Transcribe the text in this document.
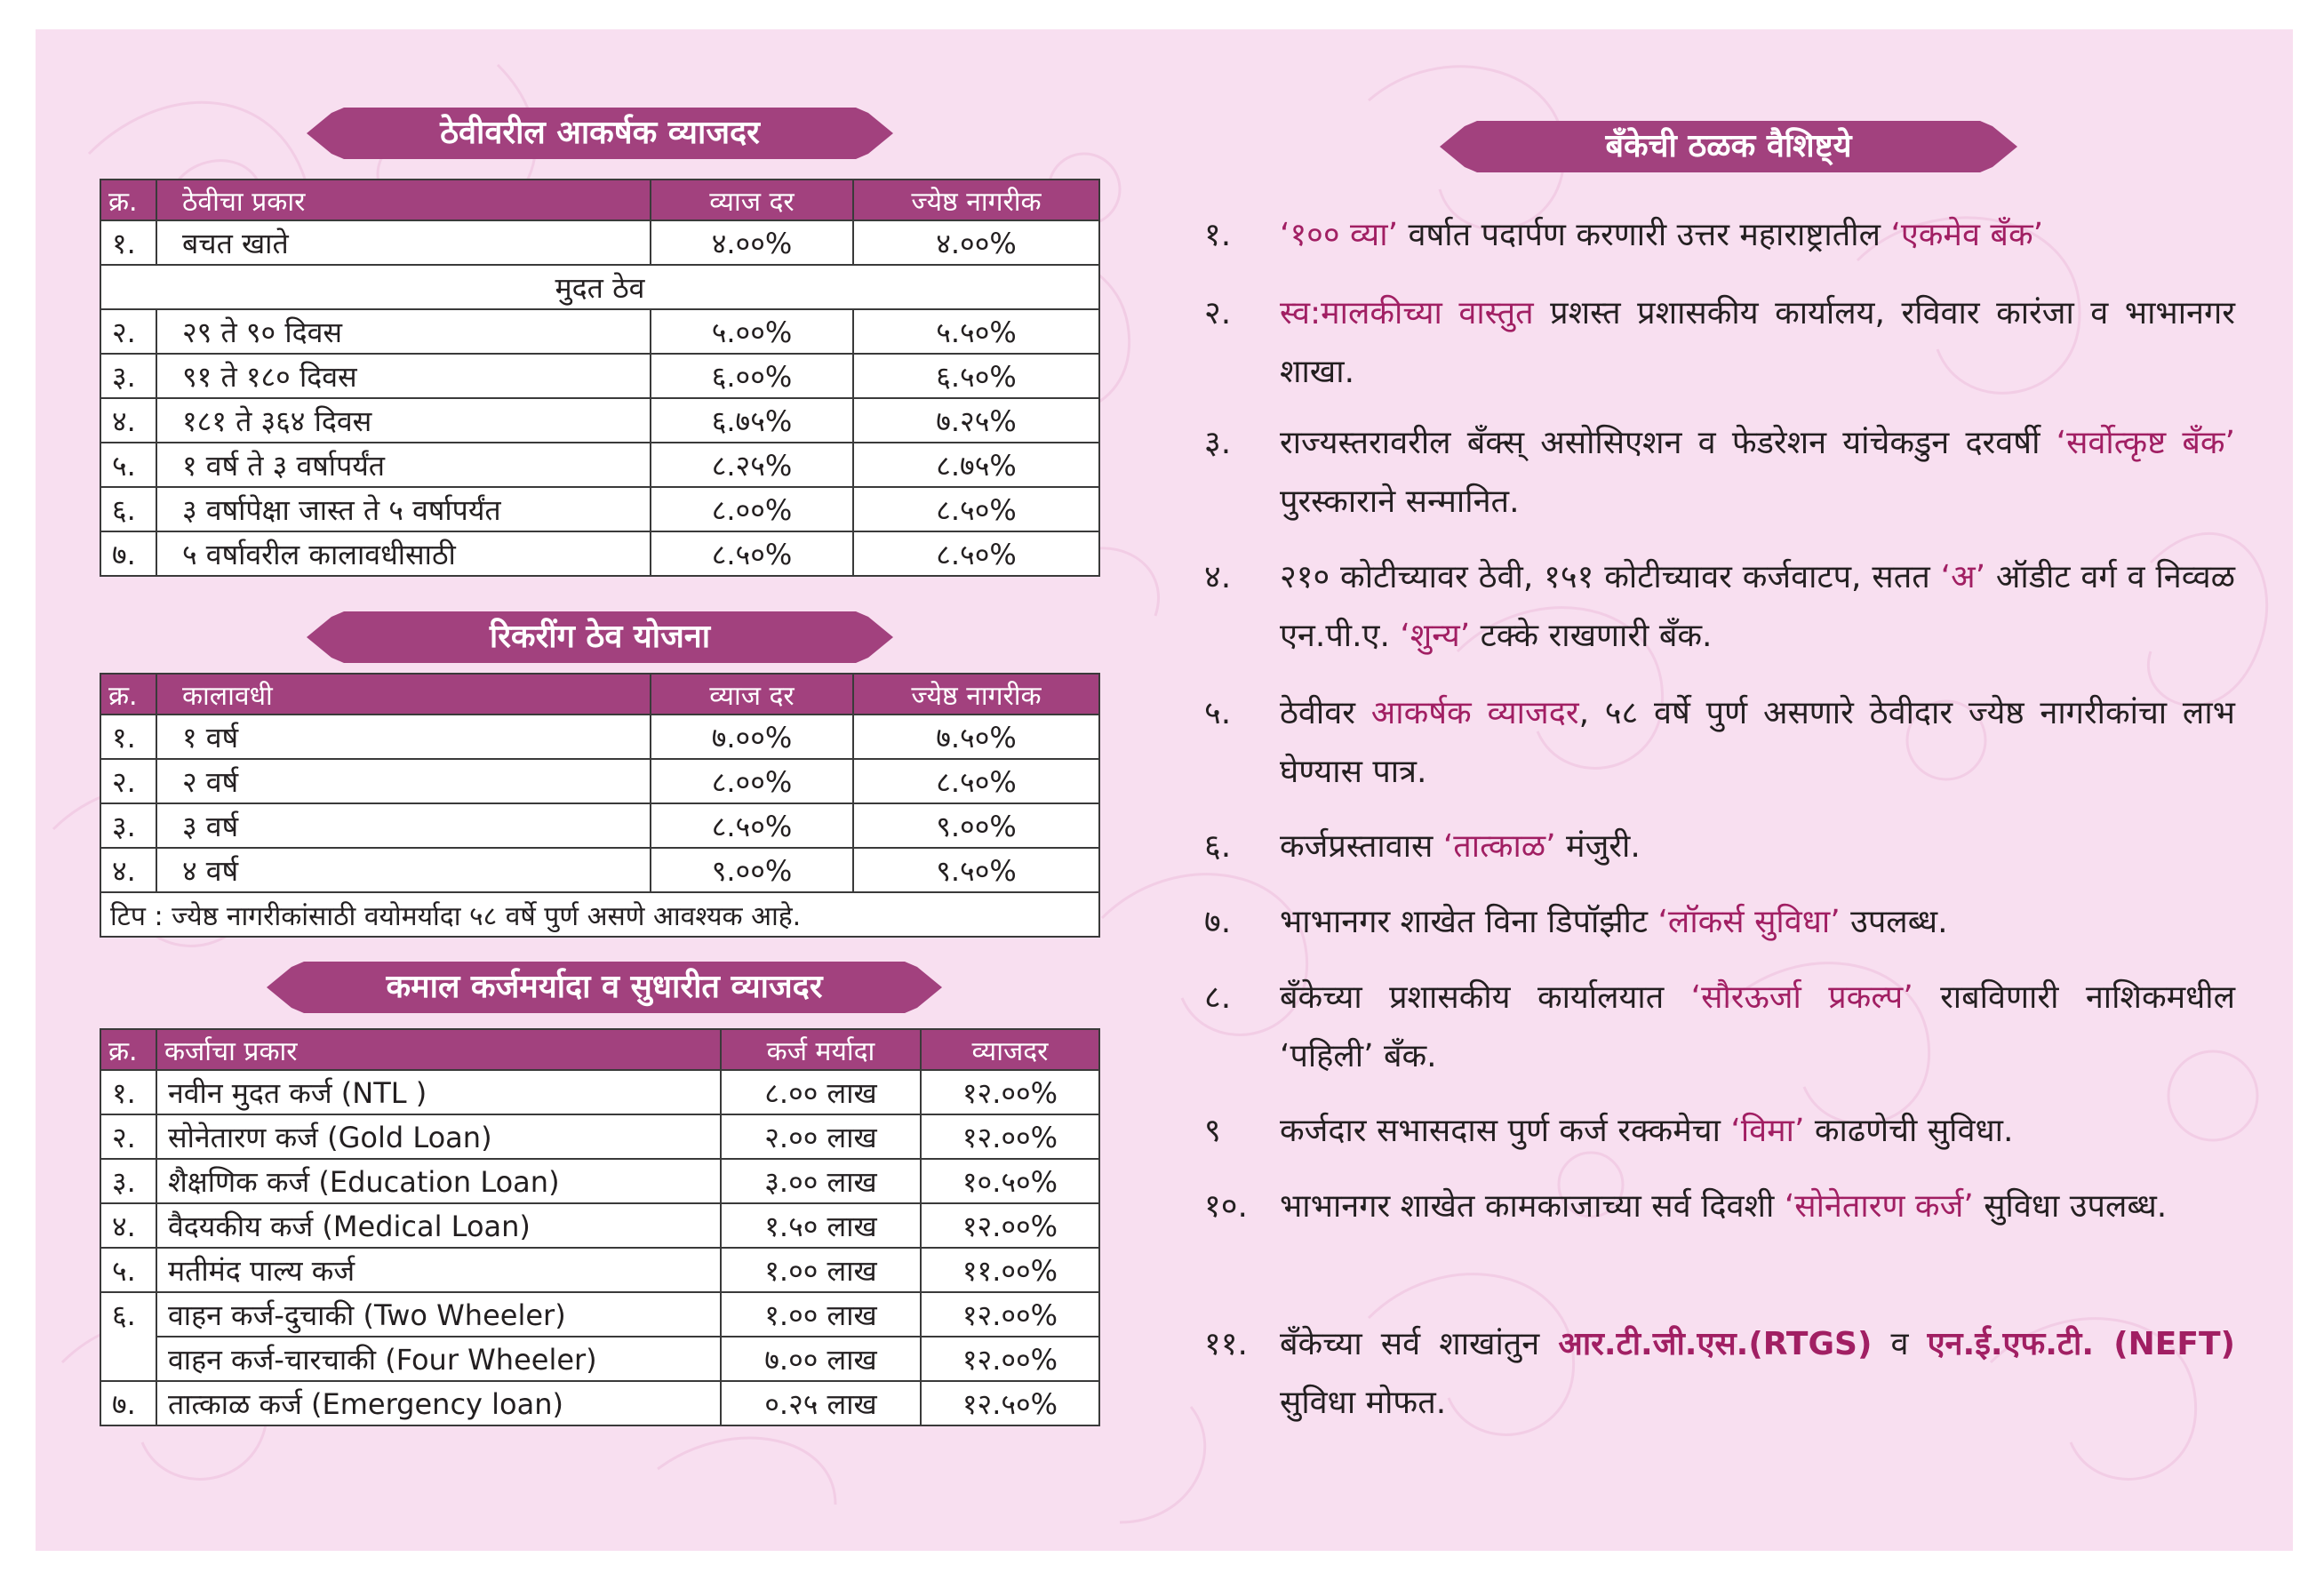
ठेवीवरील आकर्षक व्याजदर
क्र.	ठेवीचा प्रकार	व्याज दर	ज्येष्ठ नागरीक
१.	बचत खाते	४.००%	४.००%
मुदत ठेव			
२.	२९ ते ९० दिवस	५.००%	५.५०%
३.	९१ ते १८० दिवस	६.००%	६.५०%
४.	१८१ ते ३६४ दिवस	६.७५%	७.२५%
५.	१ वर्ष ते ३ वर्षापर्यंत	८.२५%	८.७५%
६.	३ वर्षापेक्षा जास्त ते ५ वर्षापर्यंत	८.००%	८.५०%
७.	५ वर्षावरील कालावधीसाठी	८.५०%	८.५०%
रिकरींग ठेव योजना
क्र.	कालावधी	व्याज दर	ज्येष्ठ नागरीक
१.	१ वर्ष	७.००%	७.५०%
२.	२ वर्ष	८.००%	८.५०%
३.	३ वर्ष	८.५०%	९.००%
४.	४ वर्ष	९.००%	९.५०%
टिप : ज्येष्ठ नागरीकांसाठी वयोमर्यादा ५८ वर्षे पुर्ण असणे आवश्यक आहे.			
कमाल कर्जमर्यादा व सुधारीत व्याजदर
क्र.	कर्जाचा प्रकार	कर्ज मर्यादा	व्याजदर
१.	नवीन मुदत कर्ज (NTL )	८.०० लाख	१२.००%
२.	सोनेतारण कर्ज (Gold Loan)	२.०० लाख	१२.००%
३.	शैक्षणिक कर्ज (Education Loan)	३.०० लाख	१०.५०%
४.	वैदयकीय कर्ज (Medical Loan)	१.५० लाख	१२.००%
५.	मतीमंद पाल्य कर्ज	१.०० लाख	११.००%
६.	वाहन कर्ज-दुचाकी (Two Wheeler)	१.०० लाख	१२.००%
	वाहन कर्ज-चारचाकी (Four Wheeler)	७.०० लाख	१२.००%
७.	तात्काळ कर्ज (Emergency loan)	०.२५ लाख	१२.५०%
बँकेची ठळक वैशिष्ट्ये
१. ‘१०० व्या’ वर्षात पदार्पण करणारी उत्तर महाराष्ट्रातील ‘एकमेव बँक’
२. स्व:मालकीच्या वास्तुत प्रशस्त प्रशासकीय कार्यालय, रविवार कारंजा व भाभानगर शाखा.
३. राज्यस्तरावरील बँक्स् असोसिएशन व फेडरेशन यांचेकडुन दरवर्षी ‘सर्वोत्कृष्ट बँक’ पुरस्काराने सन्मानित.
४. २१० कोटीच्यावर ठेवी, १५१ कोटीच्यावर कर्जवाटप, सतत ‘अ’ ऑडीट वर्ग व निव्वळ एन.पी.ए. ‘शुन्य’ टक्के राखणारी बँक.
५. ठेवीवर आकर्षक व्याजदर, ५८ वर्षे पुर्ण असणारे ठेवीदार ज्येष्ठ नागरीकांचा लाभ घेण्यास पात्र.
६. कर्जप्रस्तावास ‘तात्काळ’ मंजुरी.
७. भाभानगर शाखेत विना डिपॉझीट ‘लॉकर्स सुविधा’ उपलब्ध.
८. बँकेच्या प्रशासकीय कार्यालयात ‘सौरऊर्जा प्रकल्प’ राबविणारी नाशिकमधील ‘पहिली’ बँक.
९ कर्जदार सभासदास पुर्ण कर्ज रक्कमेचा ‘विमा’ काढणेची सुविधा.
१०. भाभानगर शाखेत कामकाजाच्या सर्व दिवशी ‘सोनेतारण कर्ज’ सुविधा उपलब्ध.
११. बँकेच्या सर्व शाखांतुन आर.टी.जी.एस.(RTGS) व एन.ई.एफ.टी. (NEFT) सुविधा मोफत.
